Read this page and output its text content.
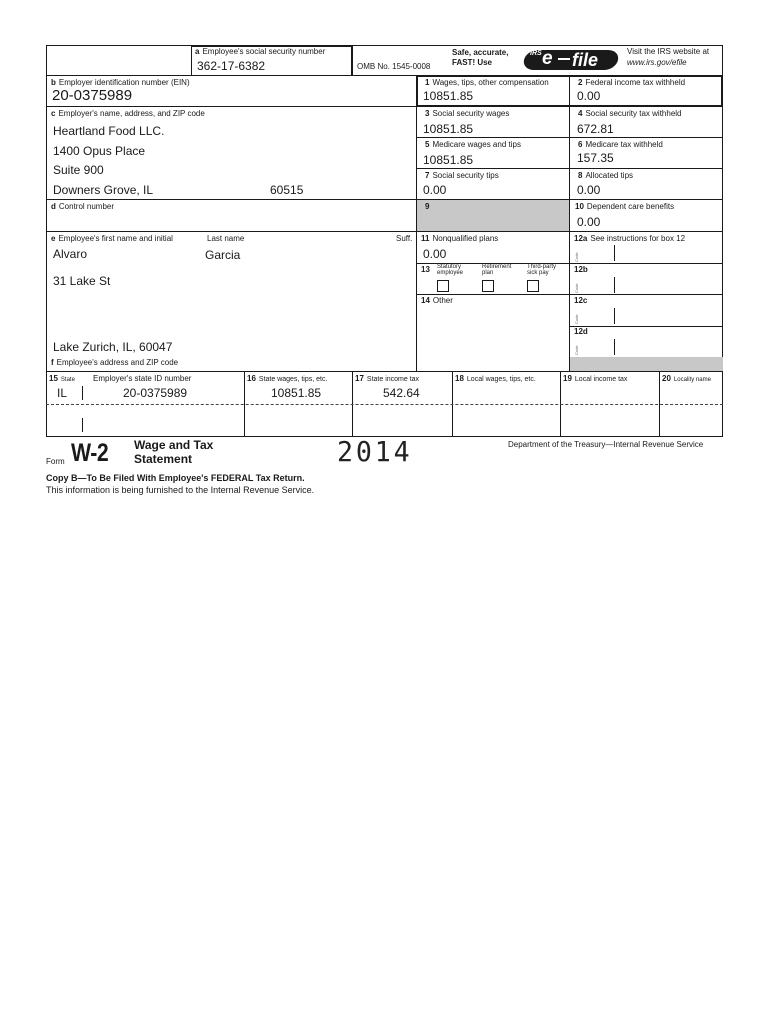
a Employee's social security number
362-17-6382	OMB No. 1545-0008
Safe, accurate,
FAST! Use
IRS e file	Visit the IRS website at
www.irs.gov/efile
b Employer identification number (EIN)
20-0375989
c Employer's name, address, and ZIP code
Heartland Food LLC.
1400 Opus Place
Suite 900
Downers Grove, IL	60515
d Control number
e Employee's first name and initial	Last name	Suff.
Alvaro	Garcia
31 Lake St
Lake Zurich, IL, 60047
f Employee's address and ZIP code
1 Wages, tips, other compensation
10851.85
2 Federal income tax withheld
0.00
3 Social security wages
10851.85
4 Social security tax withheld
672.81
5 Medicare wages and tips
10851.85
6 Medicare tax withheld
157.35
7 Social security tips
0.00
8 Allocated tips
0.00
9	10 Dependent care benefits
0.00
11 Nonqualified plans
0.00
12a See instructions for box 12
Code
12b
Code
12c
Code
12d
Code
13	Statutory employee
Retirement plan
Third-party sick pay
14 Other
15 State Employer's state ID number	16 State wages, tips, etc.	17 State income tax	18 Local wages, tips, etc.	19 Local income tax	20 Locality name
IL	20-0375989	10851.85	542.64
Form W-2 Wage and Tax
Statement	2014	Department of the Treasury—Internal Revenue Service
Copy B—To Be Filed With Employee's FEDERAL Tax Return.
This information is being furnished to the Internal Revenue Service.
